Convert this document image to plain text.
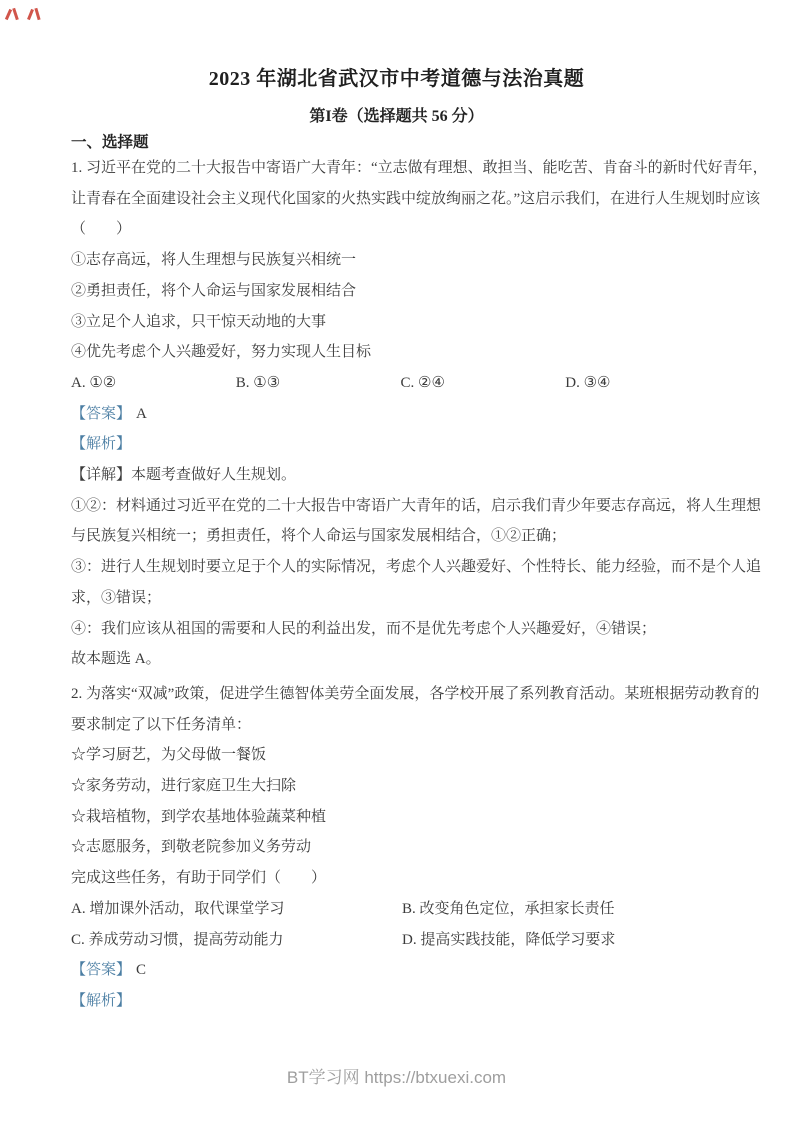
2023 年湖北省武汉市中考道德与法治真题
第I卷（选择题共 56 分）
一、选择题

1. 习近平在党的二十大报告中寄语广大青年：“立志做有理想、敢担当、能吃苦、肯奋斗的新时代好青年，

让青春在全面建设社会主义现代化国家的火热实践中绽放绚丽之花。”这启示我们，在进行人生规划时应该

（　　）

①志存高远，将人生理想与民族复兴相统一

②勇担责任，将个人命运与国家发展相结合

③立足个人追求，只干惊天动地的大事

④优先考虑个人兴趣爱好，努力实现人生目标

A. ①②	B. ①③	C. ②④	D. ③④

【答案】 A

【解析】

【详解】本题考查做好人生规划。

①②：材料通过习近平在党的二十大报告中寄语广大青年的话，启示我们青少年要志存高远，将人生理想

与民族复兴相统一；勇担责任，将个人命运与国家发展相结合，①②正确；

③：进行人生规划时要立足于个人的实际情况，考虑个人兴趣爱好、个性特长、能力经验，而不是个人追

求，③错误；

④：我们应该从祖国的需要和人民的利益出发，而不是优先考虑个人兴趣爱好，④错误；

故本题选 A。

2. 为落实“双减”政策，促进学生德智体美劳全面发展，各学校开展了系列教育活动。某班根据劳动教育的

要求制定了以下任务清单：

☆学习厨艺，为父母做一餐饭

☆家务劳动，进行家庭卫生大扫除

☆栽培植物，到学农基地体验蔬菜种植

☆志愿服务，到敬老院参加义务劳动

完成这些任务，有助于同学们（　　）

A. 增加课外活动，取代课堂学习	B. 改变角色定位，承担家长责任
C. 养成劳动习惯，提高劳动能力	D. 提高实践技能，降低学习要求

【答案】 C

【解析】

BT学习网 https://btxuexi.com
